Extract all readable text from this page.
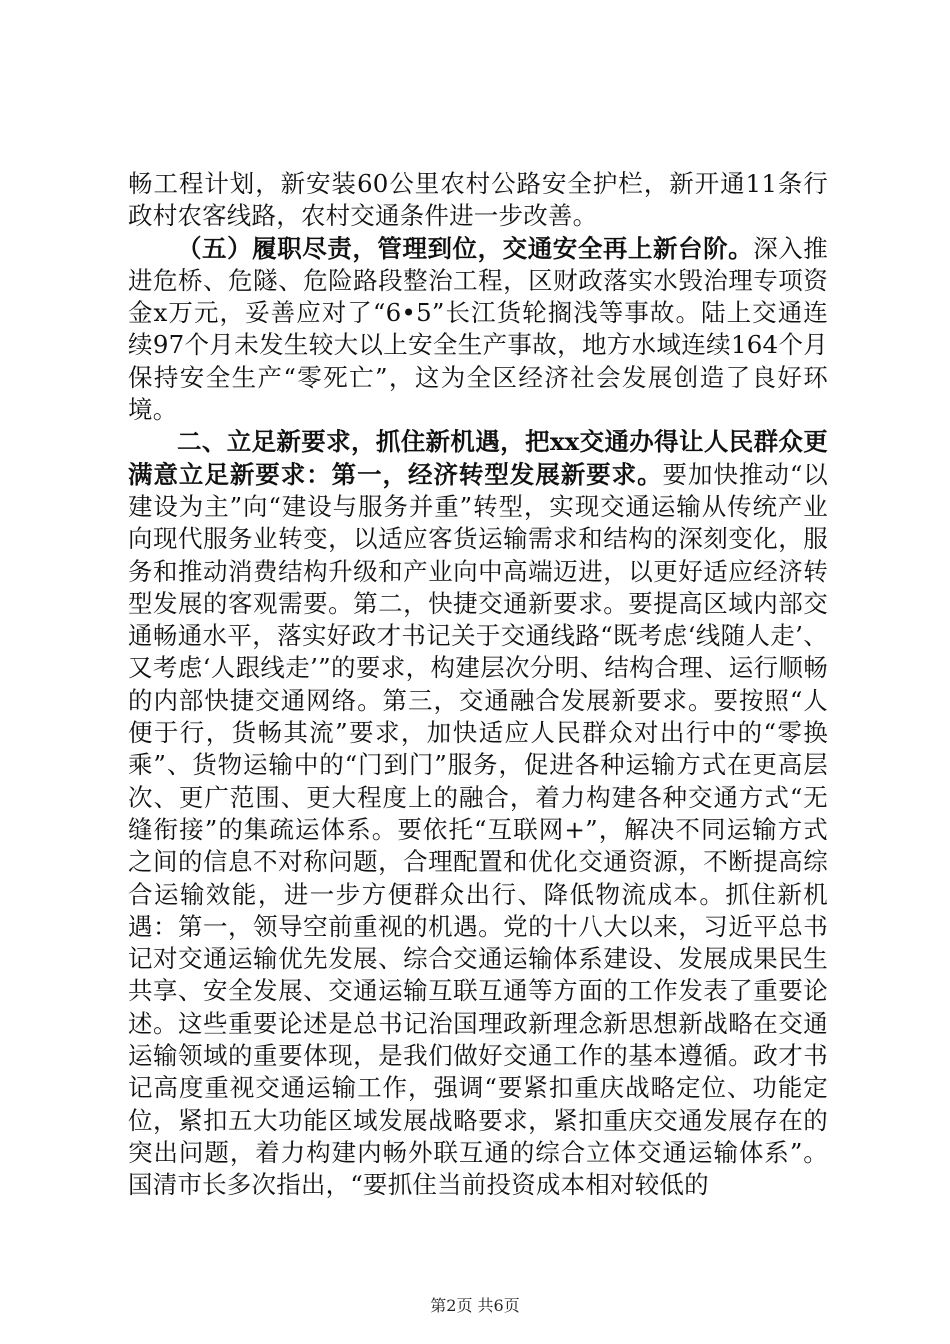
畅工程计划，新安装60公里农村公路安全护栏，新开通11条行政村农客线路，农村交通条件进一步改善。

（五）履职尽责，管理到位，交通安全再上新台阶。深入推进危桥、危隧、危险路段整治工程，区财政落实水毁治理专项资金x万元，妥善应对了“6•5”长江货轮搁浅等事故。陆上交通连续97个月未发生较大以上安全生产事故，地方水域连续164个月保持安全生产“零死亡”，这为全区经济社会发展创造了良好环境。

二、立足新要求，抓住新机遇，把xx交通办得让人民群众更满意立足新要求：第一，经济转型发展新要求。要加快推动“以建设为主”向“建设与服务并重”转型，实现交通运输从传统产业向现代服务业转变，以适应客货运输需求和结构的深刻变化，服务和推动消费结构升级和产业向中高端迈进，以更好适应经济转型发展的客观需要。第二，快捷交通新要求。要提高区域内部交通畅通水平，落实好政才书记关于交通线路“既考虑‘线随人走’、又考虑‘人跟线走’”的要求，构建层次分明、结构合理、运行顺畅的内部快捷交通网络。第三，交通融合发展新要求。要按照“人便于行，货畅其流”要求，加快适应人民群众对出行中的“零换乘”、货物运输中的“门到门”服务，促进各种运输方式在更高层次、更广范围、更大程度上的融合，着力构建各种交通方式“无缝衔接”的集疏运体系。要依托“互联网+”，解决不同运输方式之间的信息不对称问题，合理配置和优化交通资源，不断提高综合运输效能，进一步方便群众出行、降低物流成本。抓住新机遇：第一，领导空前重视的机遇。党的十八大以来，习近平总书记对交通运输优先发展、综合交通运输体系建设、发展成果民生共享、安全发展、交通运输互联互通等方面的工作发表了重要论述。这些重要论述是总书记治国理政新理念新思想新战略在交通运输领域的重要体现，是我们做好交通工作的基本遵循。政才书记高度重视交通运输工作，强调“要紧扣重庆战略定位、功能定位，紧扣五大功能区域发展战略要求，紧扣重庆交通发展存在的突出问题，着力构建内畅外联互通的综合立体交通运输体系”。国清市长多次指出，“要抓住当前投资成本相对较低的

第2页 共6页
